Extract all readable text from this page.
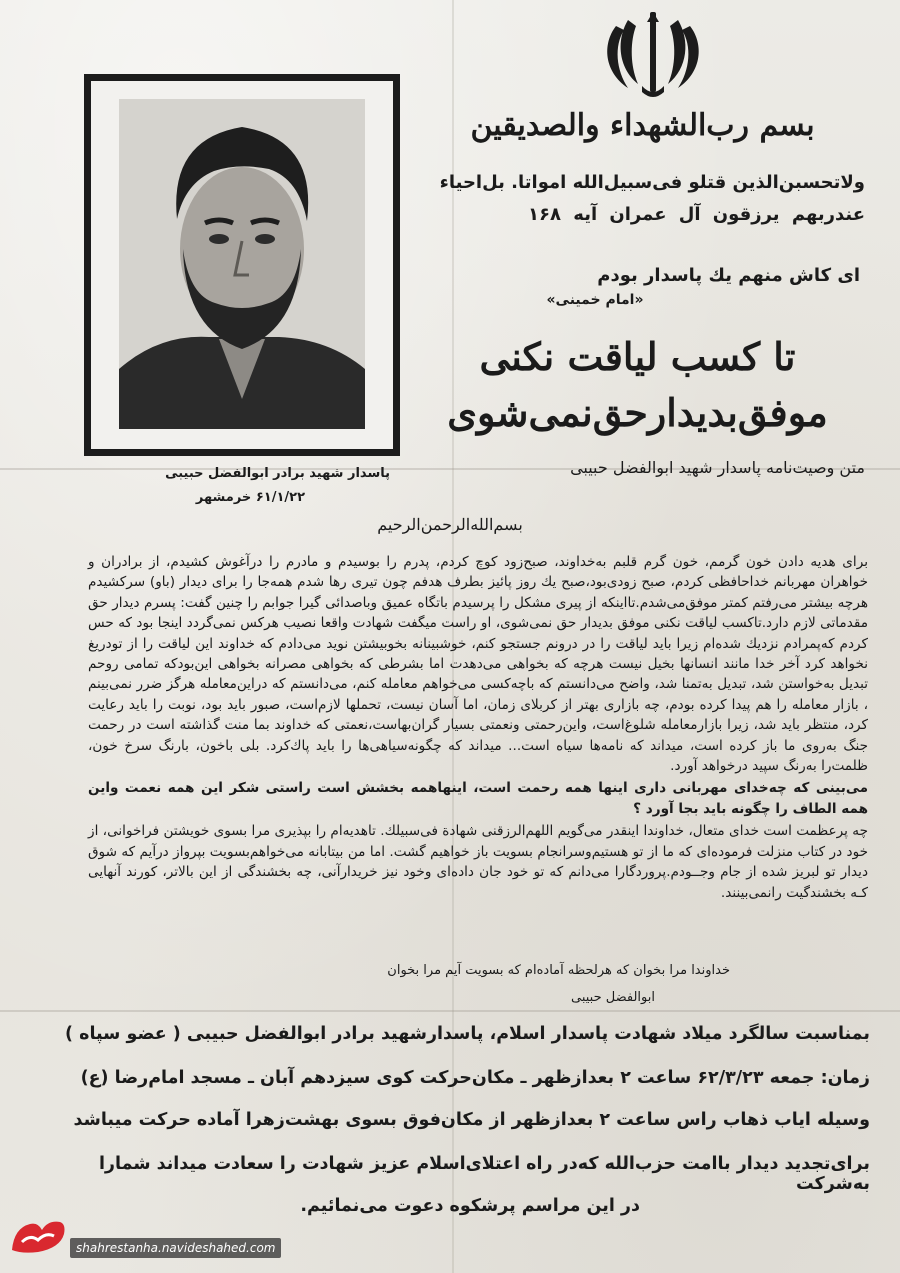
پاسدار شهید برادر ابوالفضل حبیبی
۶۱/۱/۲۲ خرمشهر
بسم رب‌الشهداء والصدیقین
ولاتحسبن‌الذین قتلو فی‌سبیل‌الله امواتا. بل‌احیاء
عندربهم یرزقون آل عمران آیه ۱۶۸
ای کاش منهم یك پاسدار بودم
«امام خمینی»
تا کسب لیاقت نکنی
موفق‌بدیدارحق‌نمی‌شوی
متن وصیت‌نامه پاسدار شهید ابوالفضل حبیبی
بسم‌الله‌الرحمن‌الرحیم

برای هدیه دادن خون گرمم، خون گرم قلبم به‌خداوند، صبح‌زود کوچ کردم، پدرم را بوسیدم و مادرم را درآغوش کشیدم، از برادران و خواهران مهربانم خداحافظی کردم، صبح زودی‌بود،صبح یك روز پائیز بطرف هدفم چون تیری رها شدم همه‌جا را برای دیدار (باو) سرکشیدم هرچه بیشتر می‌رفتم کمتر موفق‌می‌شدم.تااینکه از پیری مشکل را پرسیدم باتگاه عمیق وباصدائی گیرا جوابم را چنین گفت: پسرم دیدار حق مقدماتی لازم دارد.تاکسب لیاقت نکنی موفق بدیدار حق نمی‌شوی، او راست میگفت شهادت واقعا نصیب هرکس نمی‌گردد اینجا بود که حس کردم که‌پمرادم نزدیك شده‌ام زیرا باید لیاقت را در درونم جستجو کنم، خوشبینانه بخوبیشتن نوید می‌دادم که خداوند این لیاقت را از تودریغ نخواهد کرد آخر خدا مانند انسانها بخیل نیست هرچه که بخواهی می‌دهدت اما بشرطی که بخواهی مصرانه بخواهی این‌بودکه تمامی روحم تبدیل به‌خواستن شد، تبدیل به‌تمنا شد، واضح می‌دانستم که باچه‌کسی می‌خواهم معامله کنم، می‌دانستم که دراین‌معامله هرگز ضرر نمی‌بینم ، بازار معامله را هم پیدا کرده بودم، چه بازاری بهتر از کربلای زمان، اما آسان نیست، تحملها لازم‌است، صبور باید بود، نوبت را باید رعایت کرد، منتظر باید شد، زیرا بازارمعامله شلوغ‌است، واین‌رحمتی ونعمتی بسیار گران‌بهاست،نعمتی که خداوند بما منت گذاشته است در رحمت جنگ به‌روی ما باز کرده است، میداند که نامه‌ها سیاه است... میداند که چگونه‌سیاهی‌ها را باید پاك‌کرد. بلی باخون، بارنگ سرخ خون، ظلمت‌را به‌رنگ سپید درخواهد آورد.

می‌بینی که چه‌خدای مهربانی داری اینها همه رحمت است، اینهاهمه بخشش است راستی شکر این همه نعمت واین همه الطاف را چگونه باید بجا آورد ؟

چه پرعظمت است خدای متعال، خداوندا اینقدر می‌گویم اللهم‌الرزقنی شهادة فی‌سبیلك. تاهدیه‌ام را بپذیری مرا بسوی خویشتن فراخوانی، از خود در کتاب منزلت فرموده‌ای که ما از تو هستیم‌وسرانجام بسویت باز خواهیم گشت. اما من بیتابانه می‌خواهم‌بسویت بپرواز درآیم که شوق دیدار تو لبریز شده از جام وجــودم.پروردگارا می‌دانم که تو خود جان داده‌ای وخود نیز خریدارآنی، چه بخشندگی از این بالاتر، کورند آنهایی کـه بخشندگیت رانمی‌بینند.

خداوندا مرا بخوان که هرلحظه آماده‌ام که بسویت آیم مرا بخوان
ابوالفضل حبیبی
بمناسبت سالگرد میلاد شهادت پاسدار اسلام، پاسدارشهید برادر ابوالفضل حبیبی ( عضو سپاه )
زمان: جمعه ۶۲/۳/۲۳ ساعت ۲ بعدازظهر ـ مکان‌حرکت کوی سیزدهم آبان ـ مسجد امام‌رضا (ع)
وسیله ایاب ذهاب راس ساعت ۲ بعدازظهر از مکان‌فوق بسوی بهشت‌زهرا آماده حرکت میباشد
برای‌تجدید دیدار باامت حزب‌الله که‌در راه اعتلای‌اسلام عزیز شهادت را سعادت میداند شمارا به‌شرکت
در این مراسم پرشکوه دعوت می‌نمائیم.
shahrestanha.navideshahed.com
